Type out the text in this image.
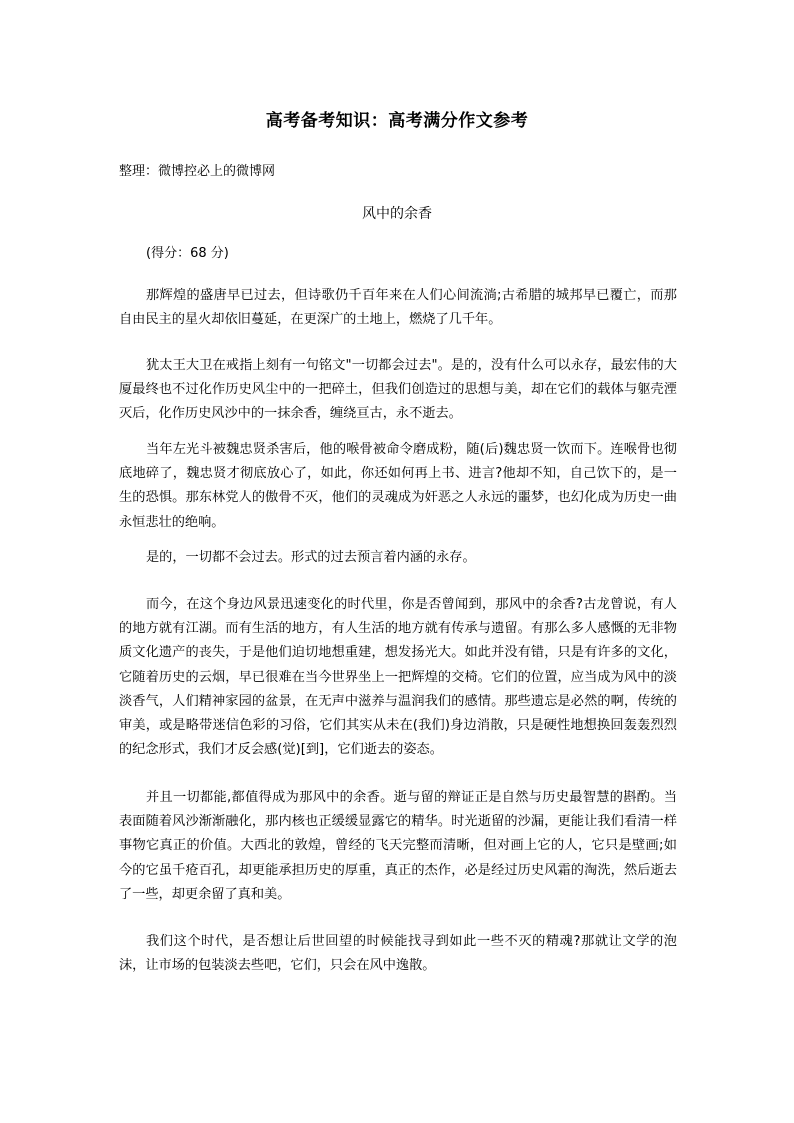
高考备考知识：高考满分作文参考
整理：微博控必上的微博网
风中的余香
(得分：68 分)

那辉煌的盛唐早已过去，但诗歌仍千百年来在人们心间流淌;古希腊的城邦早已覆亡，而那自由民主的星火却依旧蔓延，在更深广的土地上，燃烧了几千年。

犹太王大卫在戒指上刻有一句铭文"一切都会过去"。是的，没有什么可以永存，最宏伟的大厦最终也不过化作历史风尘中的一把碎土，但我们创造过的思想与美，却在它们的载体与躯壳湮灭后，化作历史风沙中的一抹余香，缠绕亘古，永不逝去。

当年左光斗被魏忠贤杀害后，他的喉骨被命令磨成粉，随(后)魏忠贤一饮而下。连喉骨也彻底地碎了，魏忠贤才彻底放心了，如此，你还如何再上书、进言?他却不知，自己饮下的，是一生的恐惧。那东林党人的傲骨不灭，他们的灵魂成为奸恶之人永远的噩梦，也幻化成为历史一曲永恒悲壮的绝响。

是的，一切都不会过去。形式的过去预言着内涵的永存。

而今，在这个身边风景迅速变化的时代里，你是否曾闻到，那风中的余香?古龙曾说，有人的地方就有江湖。而有生活的地方，有人生活的地方就有传承与遗留。有那么多人感慨的无非物质文化遗产的丧失，于是他们迫切地想重建，想发扬光大。如此并没有错，只是有许多的文化，它随着历史的云烟，早已很难在当今世界坐上一把辉煌的交椅。它们的位置，应当成为风中的淡淡香气，人们精神家园的盆景，在无声中滋养与温润我们的感情。那些遗忘是必然的啊，传统的审美，或是略带迷信色彩的习俗，它们其实从未在(我们)身边消散，只是硬性地想换回轰轰烈烈的纪念形式，我们才反会感(觉)[到]，它们逝去的姿态。

并且一切都能,都值得成为那风中的余香。逝与留的辩证正是自然与历史最智慧的斟酌。当表面随着风沙渐渐融化，那内核也正缓缓显露它的精华。时光逝留的沙漏，更能让我们看清一样事物它真正的价值。大西北的敦煌，曾经的飞天完整而清晰，但对画上它的人，它只是壁画;如今的它虽千疮百孔，却更能承担历史的厚重，真正的杰作，必是经过历史风霜的淘洗，然后逝去了一些，却更余留了真和美。

我们这个时代，是否想让后世回望的时候能找寻到如此一些不灭的精魂?那就让文学的泡沫，让市场的包装淡去些吧，它们，只会在风中逸散。
